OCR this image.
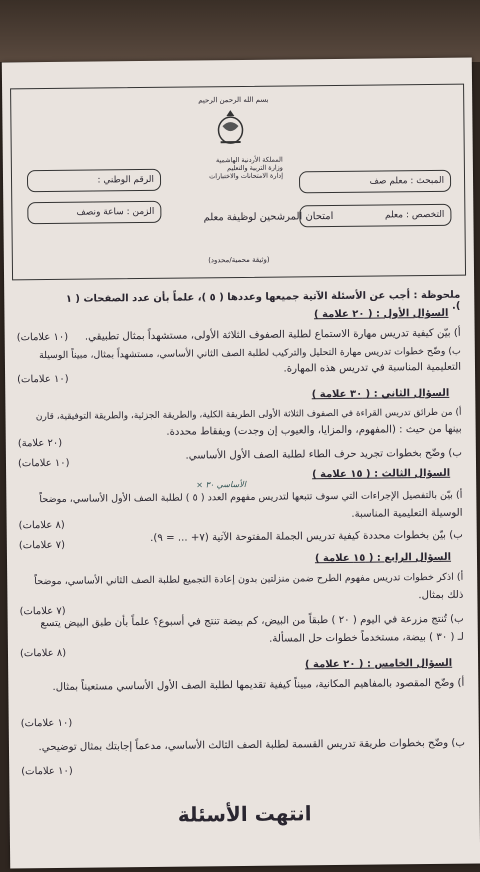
بسم الله الرحمن الرحيم
المملكة الأردنية الهاشمية
وزارة التربية والتعليم
إدارة الامتحانات والاختبارات
امتحان المرشحين لوظيفة معلم
المبحث : معلم صف
التخصص : معلم
الرقم الوطني :
الزمن : ساعة ونصف
(وثيقة محمية/محدود)
ملحوظة : أجب عن الأسئلة الآتية جميعها وعددها ( ٥ )، علماً بأن عدد الصفحات ( ١ ).
السؤال الأول : ( ٢٠ علامة )
أ) بيّن كيفية تدريس مهارة الاستماع لطلبة الصفوف الثلاثة الأولى، مستشهداً بمثال تطبيقي.
(١٠ علامات)
ب) وضّح خطوات تدريس مهارة التحليل والتركيب لطلبة الصف الثاني الأساسي، مستشهداً بمثال، مبيناً الوسيلة
التعليمية المناسبة في تدريس هذه المهارة.
(١٠ علامات)
السؤال الثاني : ( ٣٠ علامة )
أ) من طرائق تدريس القراءة في الصفوف الثلاثة الأولى الطريقة الكلية، والطريقة الجزئية، والطريقة التوفيقية، قارن
بينها من حيث : (المفهوم، والمزايا، والعيوب إن وجدت) ويفقاط محددة.
(٢٠ علامة)
ب) وضّح بخطوات تجريد حرف الطاء لطلبة الصف الأول الأساسي.
(١٠ علامات)
السؤال الثالث : ( ١٥ علامة )
الأساسي ٣٠ ×
أ) بيّن بالتفصيل الإجراءات التي سوف تتبعها لتدريس مفهوم العدد ( ٥ ) لطلبة الصف الأول الأساسي، موضحاً
الوسيلة التعليمية المناسبة.
(٨ علامات)
ب) بيّن بخطوات محددة كيفية تدريس الجملة المفتوحة الآتية (٧+ ... = ٩).
(٧ علامات)
السؤال الرابع : ( ١٥ علامة )
أ) اذكر خطوات تدريس مفهوم الطرح ضمن منزلتين بدون إعادة التجميع لطلبة الصف الثاني الأساسي، موضحاً
ذلك بمثال.
(٧ علامات)
ب) تُنتج مزرعة في اليوم ( ٢٠ ) طبقاً من البيض، كم بيضة تنتج في أسبوع؟ علماً بأن طبق البيض يتسع
لـ ( ٣٠ ) بيضة، مستخدماً خطوات حل المسألة.
(٨ علامات)
السؤال الخامس : ( ٢٠ علامة )
أ) وضّح المقصود بالمفاهيم المكانية، مبيناً كيفية تقديمها لطلبة الصف الأول الأساسي مستعيناً بمثال.
(١٠ علامات)
ب) وضّح بخطوات طريقة تدريس القسمة لطلبة الصف الثالث الأساسي، مدعماً إجابتك بمثال توضيحي.
(١٠ علامات)
انتهت الأسئلة
